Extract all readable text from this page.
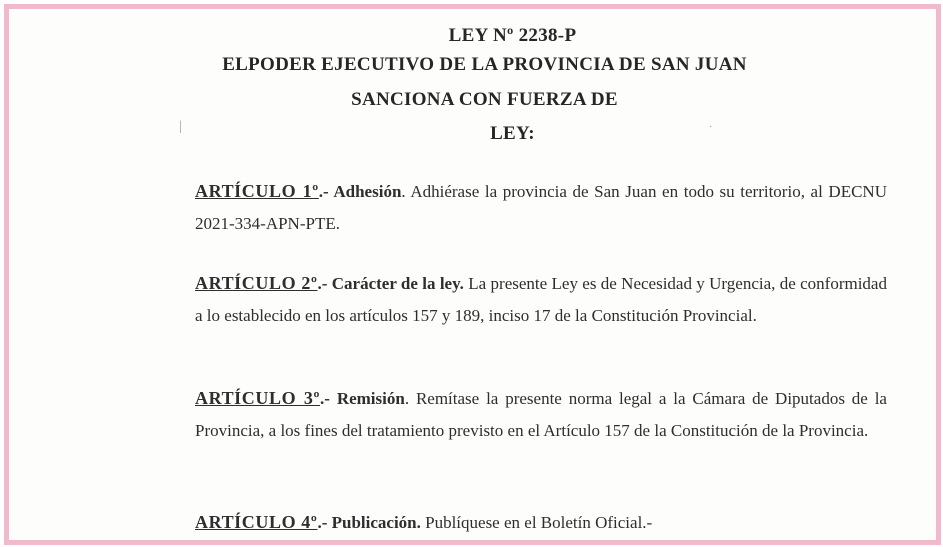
LEY Nº 2238-P
ELPODER EJECUTIVO DE LA PROVINCIA DE SAN JUAN
SANCIONA CON FUERZA DE
LEY:
|	·
ARTÍCULO 1º.- Adhesión. Adhiérase la provincia de San Juan en todo su territorio, al DECNU 2021-334-APN-PTE.
ARTÍCULO 2º.- Carácter de la ley. La presente Ley es de Necesidad y Urgencia, de conformidad a lo establecido en los artículos 157 y 189, inciso 17 de la Constitución Provincial.
ARTÍCULO 3º.- Remisión. Remítase la presente norma legal a la Cámara de Diputados de la Provincia, a los fines del tratamiento previsto en el Artículo 157 de la Constitución de la Provincia.
ARTÍCULO 4º.- Publicación. Publíquese en el Boletín Oficial.-
